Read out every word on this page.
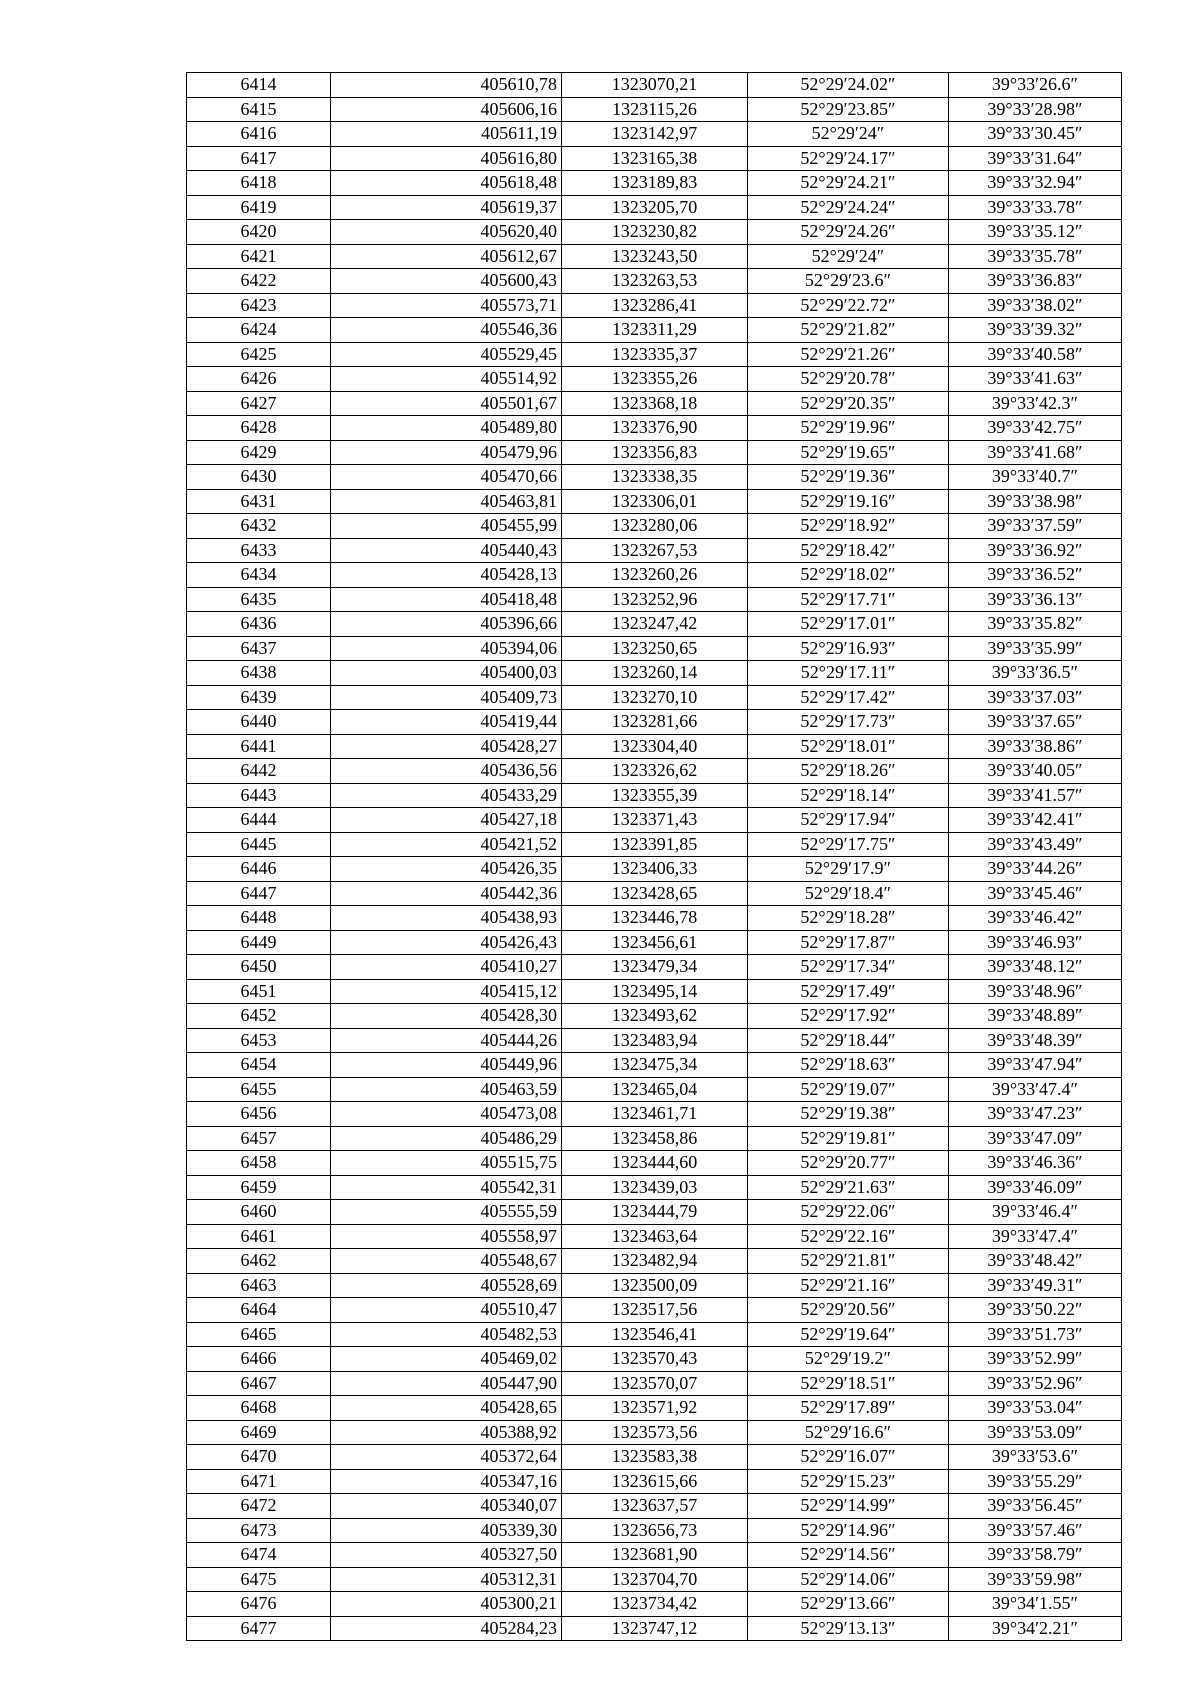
6414	405610,78	1323070,21	52°29′24.02″	39°33′26.6″
6415	405606,16	1323115,26	52°29′23.85″	39°33′28.98″
6416	405611,19	1323142,97	52°29′24″	39°33′30.45″
6417	405616,80	1323165,38	52°29′24.17″	39°33′31.64″
6418	405618,48	1323189,83	52°29′24.21″	39°33′32.94″
6419	405619,37	1323205,70	52°29′24.24″	39°33′33.78″
6420	405620,40	1323230,82	52°29′24.26″	39°33′35.12″
6421	405612,67	1323243,50	52°29′24″	39°33′35.78″
6422	405600,43	1323263,53	52°29′23.6″	39°33′36.83″
6423	405573,71	1323286,41	52°29′22.72″	39°33′38.02″
6424	405546,36	1323311,29	52°29′21.82″	39°33′39.32″
6425	405529,45	1323335,37	52°29′21.26″	39°33′40.58″
6426	405514,92	1323355,26	52°29′20.78″	39°33′41.63″
6427	405501,67	1323368,18	52°29′20.35″	39°33′42.3″
6428	405489,80	1323376,90	52°29′19.96″	39°33′42.75″
6429	405479,96	1323356,83	52°29′19.65″	39°33′41.68″
6430	405470,66	1323338,35	52°29′19.36″	39°33′40.7″
6431	405463,81	1323306,01	52°29′19.16″	39°33′38.98″
6432	405455,99	1323280,06	52°29′18.92″	39°33′37.59″
6433	405440,43	1323267,53	52°29′18.42″	39°33′36.92″
6434	405428,13	1323260,26	52°29′18.02″	39°33′36.52″
6435	405418,48	1323252,96	52°29′17.71″	39°33′36.13″
6436	405396,66	1323247,42	52°29′17.01″	39°33′35.82″
6437	405394,06	1323250,65	52°29′16.93″	39°33′35.99″
6438	405400,03	1323260,14	52°29′17.11″	39°33′36.5″
6439	405409,73	1323270,10	52°29′17.42″	39°33′37.03″
6440	405419,44	1323281,66	52°29′17.73″	39°33′37.65″
6441	405428,27	1323304,40	52°29′18.01″	39°33′38.86″
6442	405436,56	1323326,62	52°29′18.26″	39°33′40.05″
6443	405433,29	1323355,39	52°29′18.14″	39°33′41.57″
6444	405427,18	1323371,43	52°29′17.94″	39°33′42.41″
6445	405421,52	1323391,85	52°29′17.75″	39°33′43.49″
6446	405426,35	1323406,33	52°29′17.9″	39°33′44.26″
6447	405442,36	1323428,65	52°29′18.4″	39°33′45.46″
6448	405438,93	1323446,78	52°29′18.28″	39°33′46.42″
6449	405426,43	1323456,61	52°29′17.87″	39°33′46.93″
6450	405410,27	1323479,34	52°29′17.34″	39°33′48.12″
6451	405415,12	1323495,14	52°29′17.49″	39°33′48.96″
6452	405428,30	1323493,62	52°29′17.92″	39°33′48.89″
6453	405444,26	1323483,94	52°29′18.44″	39°33′48.39″
6454	405449,96	1323475,34	52°29′18.63″	39°33′47.94″
6455	405463,59	1323465,04	52°29′19.07″	39°33′47.4″
6456	405473,08	1323461,71	52°29′19.38″	39°33′47.23″
6457	405486,29	1323458,86	52°29′19.81″	39°33′47.09″
6458	405515,75	1323444,60	52°29′20.77″	39°33′46.36″
6459	405542,31	1323439,03	52°29′21.63″	39°33′46.09″
6460	405555,59	1323444,79	52°29′22.06″	39°33′46.4″
6461	405558,97	1323463,64	52°29′22.16″	39°33′47.4″
6462	405548,67	1323482,94	52°29′21.81″	39°33′48.42″
6463	405528,69	1323500,09	52°29′21.16″	39°33′49.31″
6464	405510,47	1323517,56	52°29′20.56″	39°33′50.22″
6465	405482,53	1323546,41	52°29′19.64″	39°33′51.73″
6466	405469,02	1323570,43	52°29′19.2″	39°33′52.99″
6467	405447,90	1323570,07	52°29′18.51″	39°33′52.96″
6468	405428,65	1323571,92	52°29′17.89″	39°33′53.04″
6469	405388,92	1323573,56	52°29′16.6″	39°33′53.09″
6470	405372,64	1323583,38	52°29′16.07″	39°33′53.6″
6471	405347,16	1323615,66	52°29′15.23″	39°33′55.29″
6472	405340,07	1323637,57	52°29′14.99″	39°33′56.45″
6473	405339,30	1323656,73	52°29′14.96″	39°33′57.46″
6474	405327,50	1323681,90	52°29′14.56″	39°33′58.79″
6475	405312,31	1323704,70	52°29′14.06″	39°33′59.98″
6476	405300,21	1323734,42	52°29′13.66″	39°34′1.55″
6477	405284,23	1323747,12	52°29′13.13″	39°34′2.21″
